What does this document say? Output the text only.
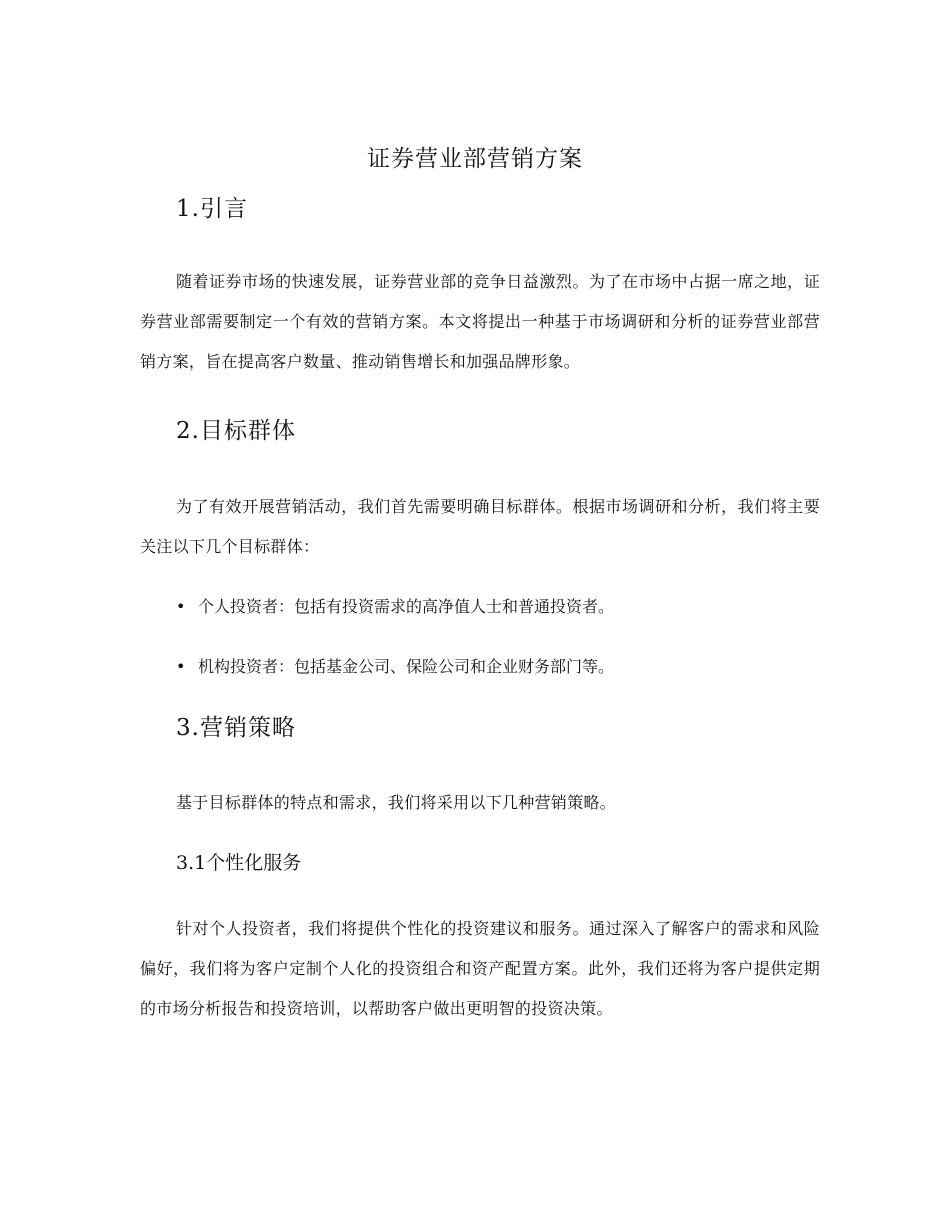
证券营业部营销方案
1.引言
随着证券市场的快速发展，证券营业部的竞争日益激烈。为了在市场中占据一席之地，证券营业部需要制定一个有效的营销方案。本文将提出一种基于市场调研和分析的证券营业部营销方案，旨在提高客户数量、推动销售增长和加强品牌形象。
2.目标群体
为了有效开展营销活动，我们首先需要明确目标群体。根据市场调研和分析，我们将主要关注以下几个目标群体：
• 个人投资者：包括有投资需求的高净值人士和普通投资者。
• 机构投资者：包括基金公司、保险公司和企业财务部门等。
3.营销策略
基于目标群体的特点和需求，我们将采用以下几种营销策略。
3.1个性化服务
针对个人投资者，我们将提供个性化的投资建议和服务。通过深入了解客户的需求和风险偏好，我们将为客户定制个人化的投资组合和资产配置方案。此外，我们还将为客户提供定期的市场分析报告和投资培训，以帮助客户做出更明智的投资决策。
